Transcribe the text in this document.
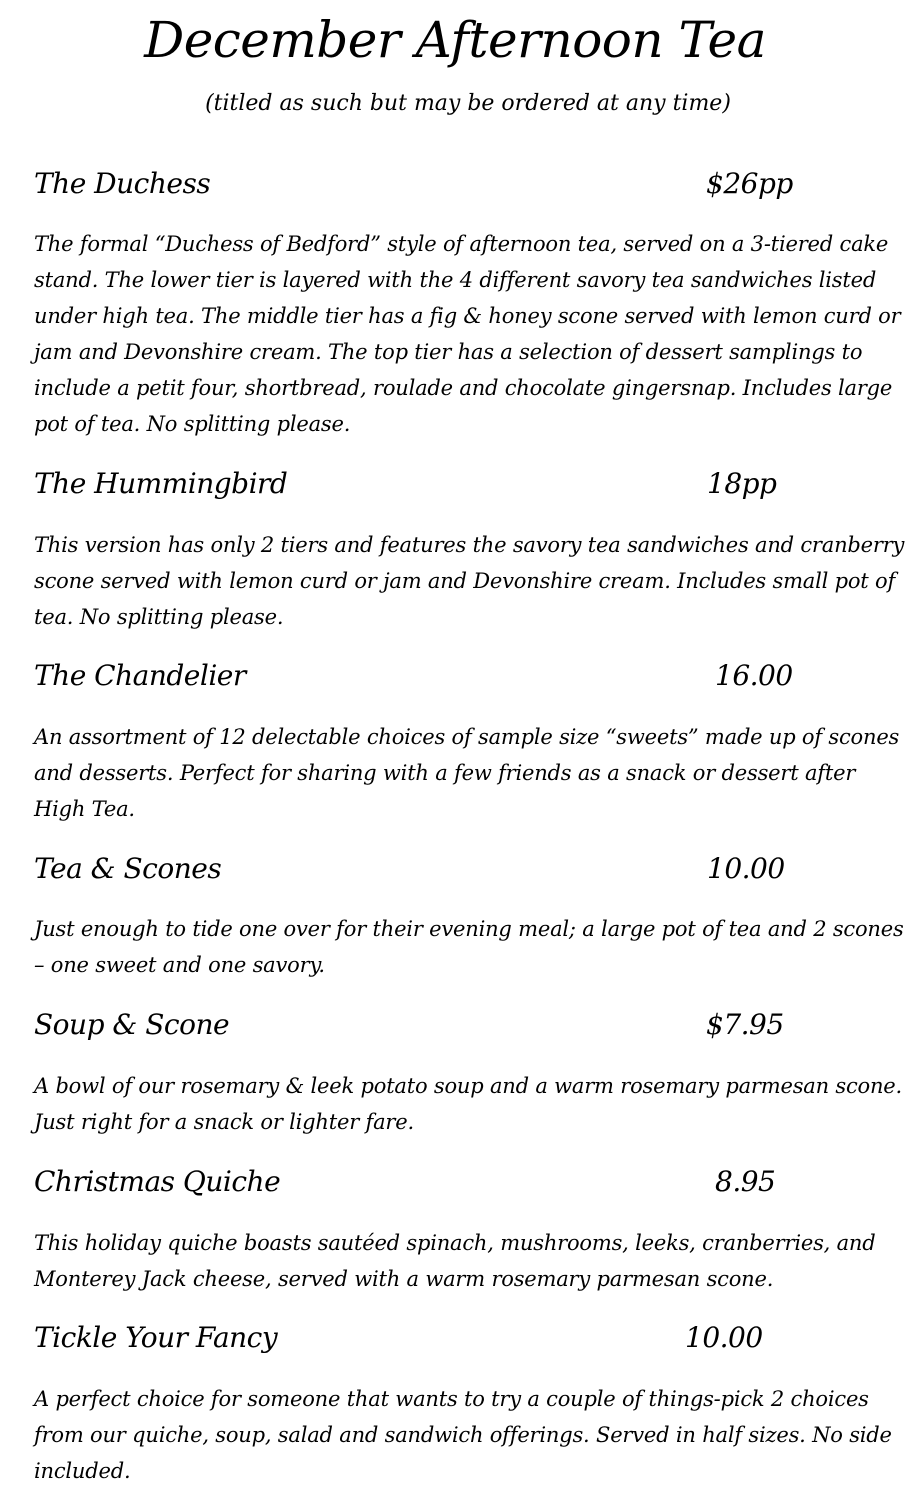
December Afternoon Tea
(titled as such but may be ordered at any time)
The Duchess	$26pp
The formal “Duchess of Bedford” style of afternoon tea, served on a 3-tiered cake stand. The lower tier is layered with the 4 different savory tea sandwiches listed under high tea. The middle tier has a fig & honey scone served with lemon curd or jam and Devonshire cream. The top tier has a selection of dessert samplings to include a petit four, shortbread, roulade and chocolate gingersnap. Includes large pot of tea. No splitting please.
The Hummingbird	18pp
This version has only 2 tiers and features the savory tea sandwiches and cranberry scone served with lemon curd or jam and Devonshire cream. Includes small pot of tea. No splitting please.
The Chandelier	16.00
An assortment of 12 delectable choices of sample size “sweets” made up of scones and desserts. Perfect for sharing with a few friends as a snack or dessert after High Tea.
Tea & Scones	10.00
Just enough to tide one over for their evening meal; a large pot of tea and 2 scones – one sweet and one savory.
Soup & Scone	$7.95
A bowl of our rosemary & leek potato soup and a warm rosemary parmesan scone. Just right for a snack or lighter fare.
Christmas Quiche	8.95
This holiday quiche boasts sautéed spinach, mushrooms, leeks, cranberries, and Monterey Jack cheese, served with a warm rosemary parmesan scone.
Tickle Your Fancy	10.00
A perfect choice for someone that wants to try a couple of things-pick 2 choices from our quiche, soup, salad and sandwich offerings. Served in half sizes. No side included.
